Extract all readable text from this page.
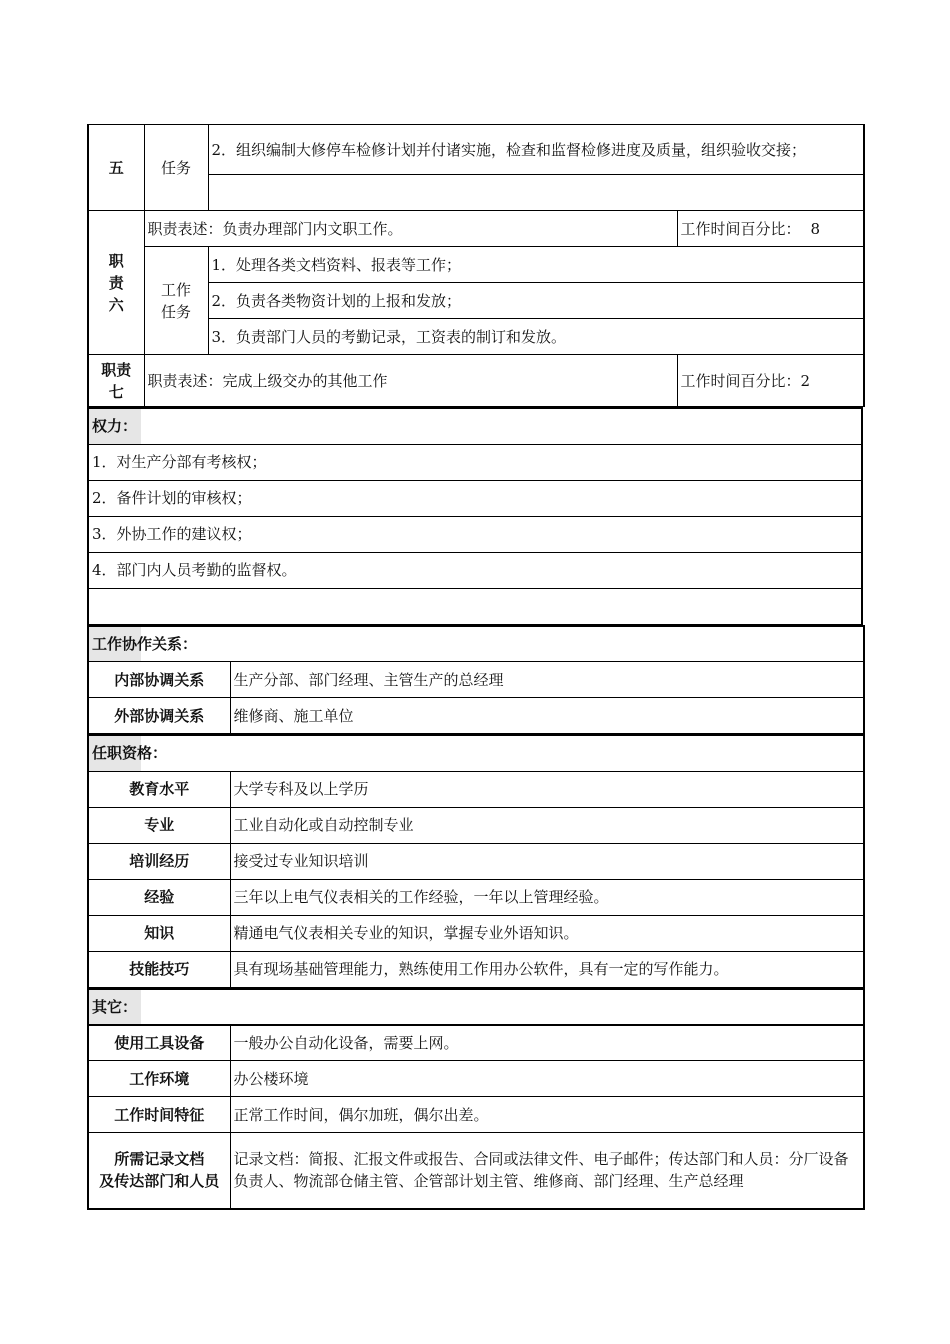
五	任务	2．组织编制大修停车检修计划并付诸实施，检查和监督检修进度及质量，组织验收交接；	

职
责
六	职责表述：负责办理部门内文职工作。		工作时间百分比： 8

	工作
任务	1．处理各类文档资料、报表等工作；	
		2．负责各类物资计划的上报和发放；	
		3．负责部门人员的考勤记录，工资表的制订和发放。	

职责
七	职责表述：完成上级交办的其他工作		工作时间百分比：2
权力：
1．对生产分部有考核权；
2．备件计划的审核权；
3．外协工作的建议权；
4．部门内人员考勤的监督权。

工作协作关系：	
内部协调关系	生产分部、部门经理、主管生产的总经理
外部协调关系	维修商、施工单位
任职资格：	
教育水平	大学专科及以上学历
专业	工业自动化或自动控制专业
培训经历	接受过专业知识培训
经验	三年以上电气仪表相关的工作经验，一年以上管理经验。
知识	精通电气仪表相关专业的知识，掌握专业外语知识。
技能技巧	具有现场基础管理能力，熟练使用工作用办公软件，具有一定的写作能力。
其它：	
使用工具设备	一般办公自动化设备，需要上网。
工作环境	办公楼环境
工作时间特征	正常工作时间，偶尔加班，偶尔出差。

所需记录文档
及传达部门和人员	记录文档：简报、汇报文件或报告、合同或法律文件、电子邮件；传达部门和人员：分厂设备负责人、物流部仓储主管、企管部计划主管、维修商、部门经理、生产总经理
